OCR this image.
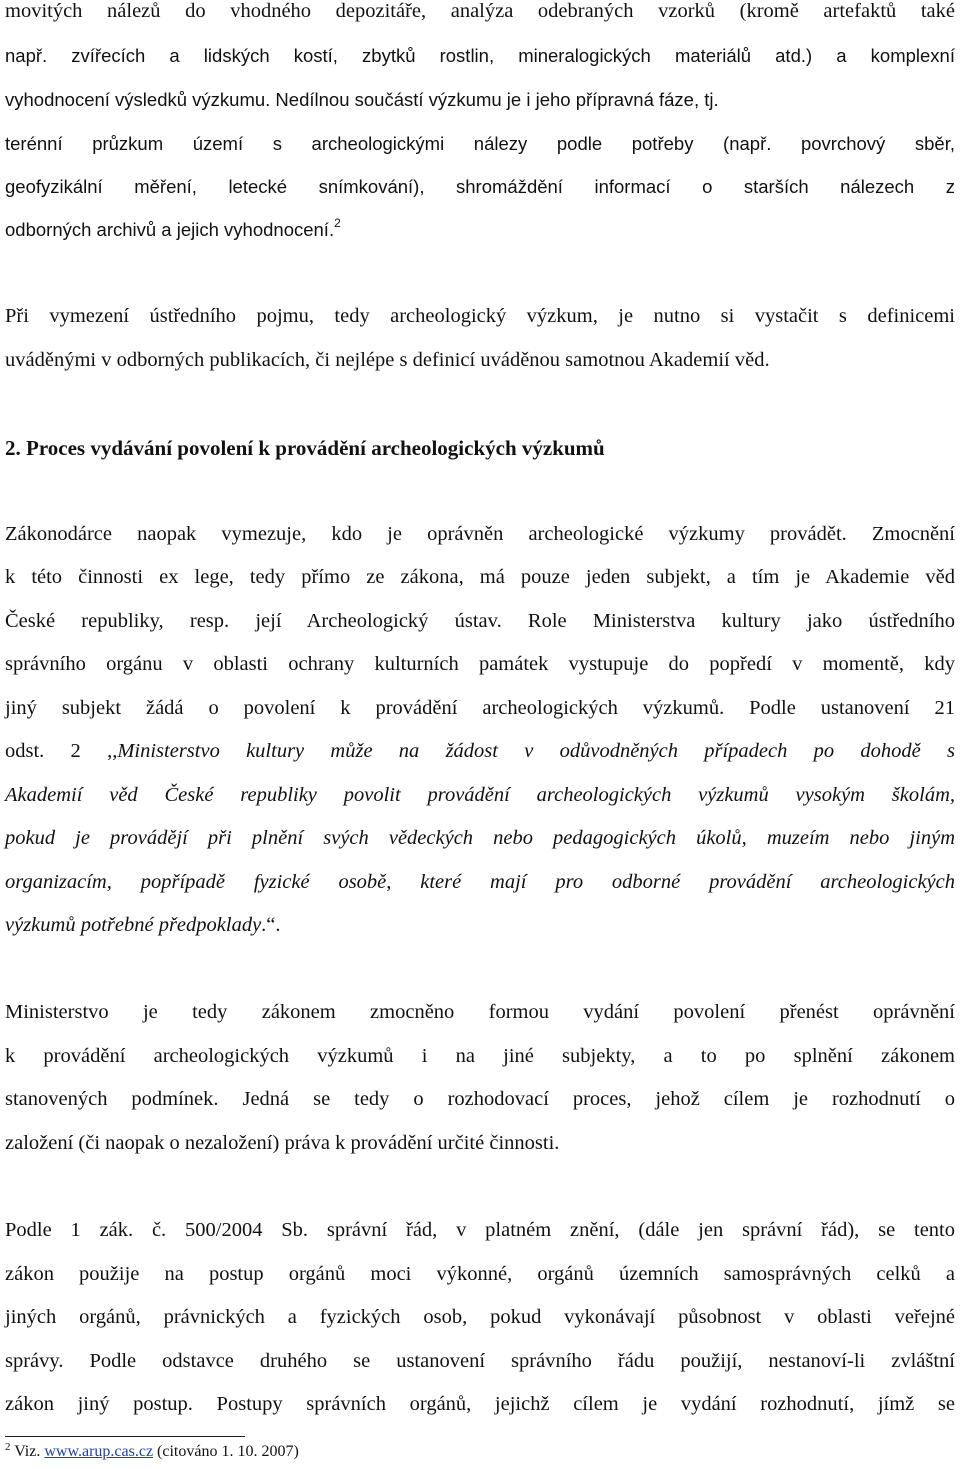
movitých nálezů do vhodného depozitáře, analýza odebraných vzorků (kromě artefaktů také
např. zvířecích a lidských kostí, zbytků rostlin, mineralogických materiálů atd.) a komplexní
vyhodnocení výsledků výzkumu. Nedílnou součástí výzkumu je i jeho přípravná fáze, tj.
terénní průzkum území s archeologickými nálezy podle potřeby (např. povrchový sběr,
geofyzikální měření, letecké snímkování), shromáždění informací o starších nálezech z
odborných archivů a jejich vyhodnocení.$^2$
Při vymezení ústředního pojmu, tedy archeologický výzkum, je nutno si vystačit s definicemi
uváděnými v odborných publikacích, či nejlépe s definicí uváděnou samotnou Akademií věd.
2. Proces vydávání povolení k provádění archeologických výzkumů
Zákonodárce naopak vymezuje, kdo je oprávněn archeologické výzkumy provádět. Zmocnění
k této činnosti ex lege, tedy přímo ze zákona, má pouze jeden subjekt, a tím je Akademie věd
České republiky, resp. její Archeologický ústav. Role Ministerstva kultury jako ústředního
správního orgánu v oblasti ochrany kulturních památek vystupuje do popředí v momentě, kdy
jiný subjekt žádá o povolení k provádění archeologických výzkumů. Podle ustanovení 21
odst. 2 ,,Ministerstvo kultury může na žádost v odůvodněných případech po dohodě s
Akademií věd České republiky povolit provádění archeologických výzkumů vysokým školám,
pokud je provádějí při plnění svých vědeckých nebo pedagogických úkolů, muzeím nebo jiným
organizacím, popřípadě fyzické osobě, které mají pro odborné provádění archeologických
výzkumů potřebné předpoklady.“.
Ministerstvo je tedy zákonem zmocněno formou vydání povolení přenést oprávnění
k provádění archeologických výzkumů i na jiné subjekty, a to po splnění zákonem
stanovených podmínek. Jedná se tedy o rozhodovací proces, jehož cílem je rozhodnutí o
založení (či naopak o nezaložení) práva k provádění určité činnosti.
Podle 1 zák. č. 500/2004 Sb. správní řád, v platném znění, (dále jen správní řád), se tento
zákon použije na postup orgánů moci výkonné, orgánů územních samosprávných celků a
jiných orgánů, právnických a fyzických osob, pokud vykonávají působnost v oblasti veřejné
správy. Podle odstavce druhého se ustanovení správního řádu použijí, nestanoví-li zvláštní
zákon jiný postup. Postupy správních orgánů, jejichž cílem je vydání rozhodnutí, jímž se
$^2$ Viz. www.arup.cas.cz (citováno 1. 10. 2007)
